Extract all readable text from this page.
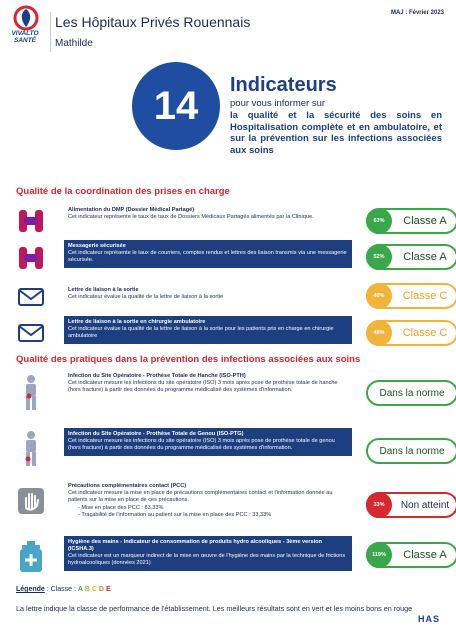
VIVALTO SANTÉ
Les Hôpitaux Privés Rouennais
Mathilde
MAJ : Février 2023
14	Indicateurs
pour vous informer sur
la qualité et la sécurité des soins en Hospitalisation complète et en ambulatoire, et sur la prévention sur les infections associées aux soins
Qualité de la coordination des prises en charge
Alimentation du DMP (Dossier Médical Partagé)
Cet indicateur représente le taux de taux de Dossiers Médicaux Partagés alimentés par la Clinique.
63%	Classe A
Messagerie sécurisée
Cet indicateur représente le taux de courriers, comptes rendus et lettres des liaison transmis via une messagerie sécurisée.
52%	Classe A
Lettre de liaison à la sortie
Cet indicateur évalue la qualité de la lettre de liaison à la sortie	40%	Classe C
Lettre de liaison à la sortie en chirurgie ambulatoire
Cet indicateur évalue la qualité de la lettre de liaison à la sortie pour les patients pris en charge en chirurgie ambulatoire
48%	Classe C
Qualité des pratiques dans la prévention des infections associées aux soins
Infection du Site Opératoire - Prothèse Totale de Hanche (ISO-PTH)
Cet indicateur mesure les infections du site opératoire (ISO) 3 mois après pose de prothèse totale de hanche (hors fracture) à partir des données du programme médicalisé des systèmes d'information.	Dans la norme
Infection du Site Opératoire - Prothèse Totale de Genou (ISO-PTG)
Cet indicateur mesure les infections du site opératoire (ISO) 3 mois après pose de prothèse totale de genou (hors fracture) à partir des données du programme médicalisé des systèmes d'information.	Dans la norme
Précautions complémentaires contact (PCC)
Cet indicateur mesure la mise en place de précautions complémentaires contact et l'information donnée au patients sur la mise en place de ces précautions.
- Mise en place des PCC : 83,33%
- Traçabilité de l'information au patient sur la mise en place des PCC : 33,33%
33%	Non atteint
Hygiène des mains - Indicateur de consommation de produits hydro alcooliques - 3ème version (ICSHA.3)
Cet indicateur est un marqueur indirect de la mise en œuvre de l'hygiène des mains par la technique de frictions hydroalcooliques (données 2021)
119%	Classe A
Légende : Classe : A B C D E
La lettre indique la classe de performance de l'établissement. Les meilleurs résultats sont en vert et les moins bons en rouge
HAS
